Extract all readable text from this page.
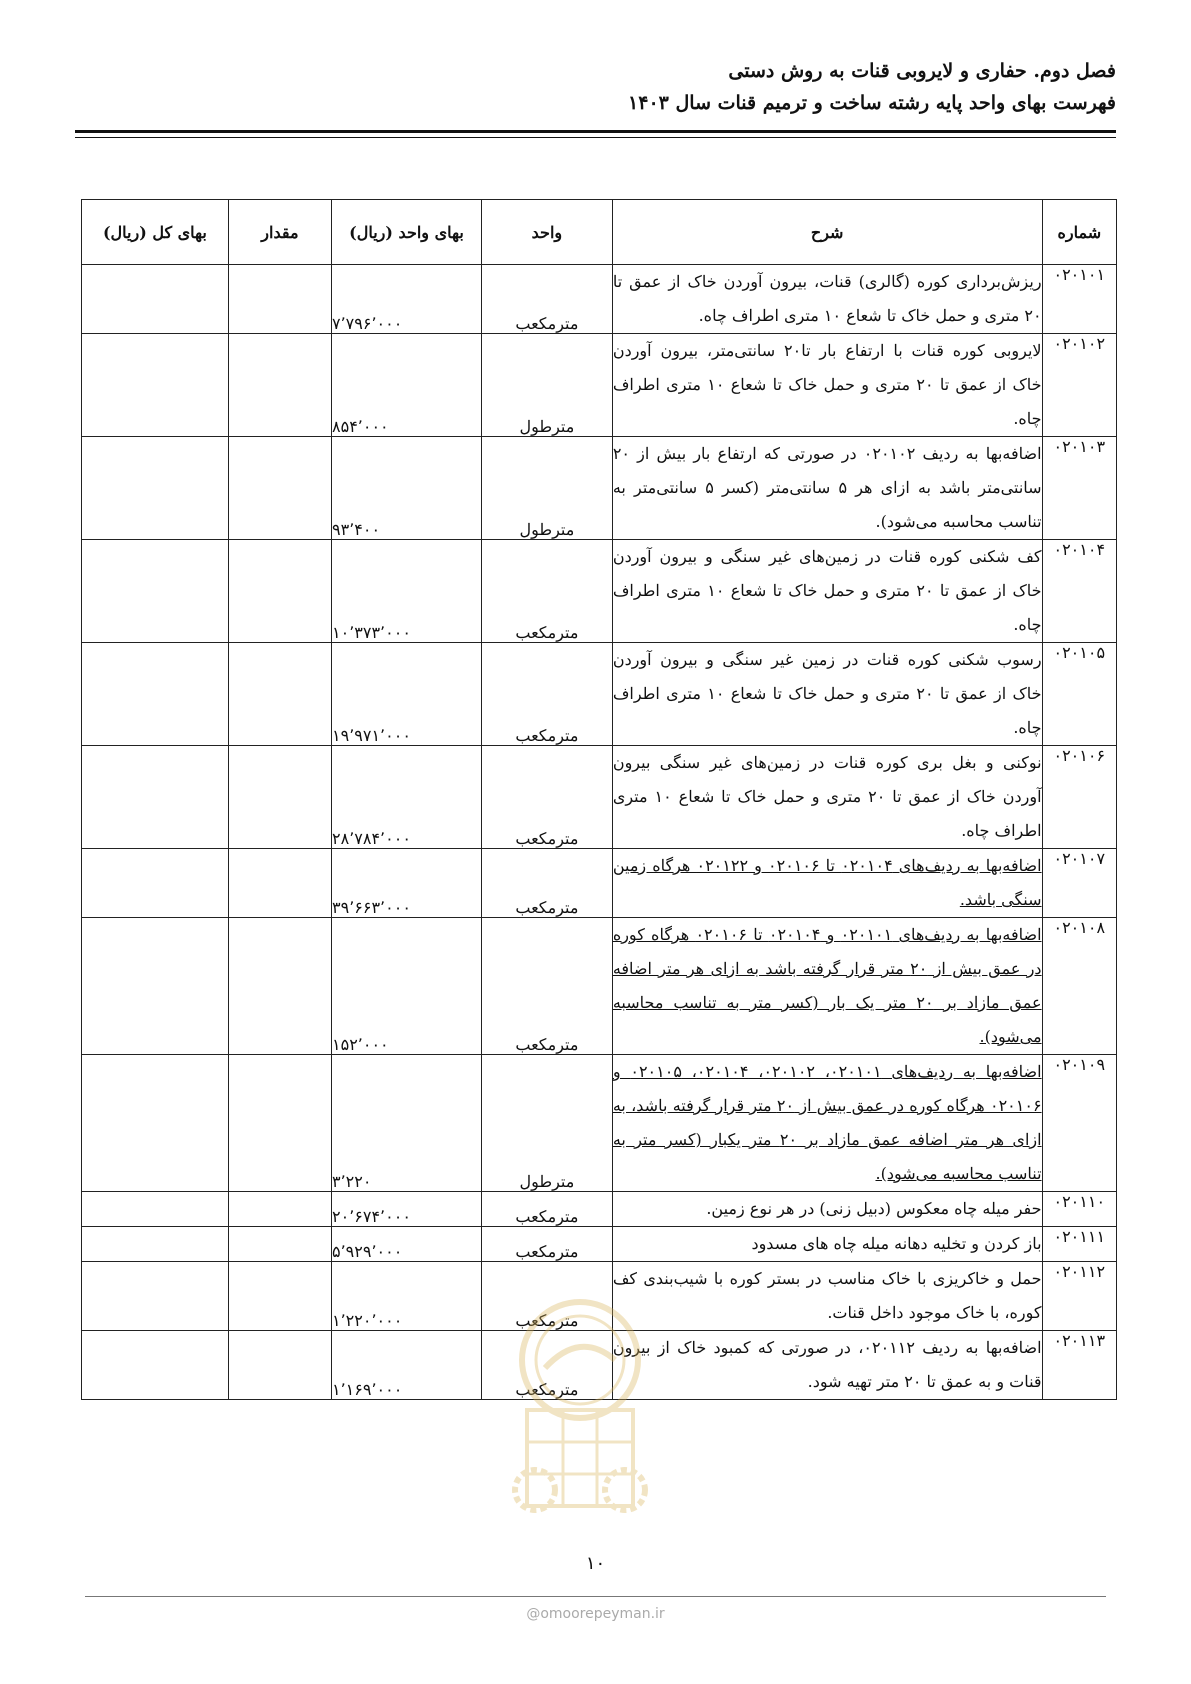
فصل دوم. حفاری و لایروبی قنات به روش دستی
فهرست بهای واحد پایه رشته ساخت و ترمیم قنات سال ۱۴۰۳
شماره	شرح	واحد	بهای واحد (ریال)	مقدار	بهای کل (ریال)
۰۲۰۱۰۱	ریزش‌برداری کوره (گالری) قنات، بیرون آوردن خاک از عمق تا ۲۰ متری و حمل خاک تا شعاع ۱۰ متری اطراف چاه.	مترمکعب	۷٬۷۹۶٬۰۰۰		
۰۲۰۱۰۲	لایروبی کوره قنات با ارتفاع بار تا۲۰ سانتی‌متر، بیرون آوردن خاک از عمق تا ۲۰ متری و حمل خاک تا شعاع ۱۰ متری اطراف چاه.	مترطول	۸۵۴٬۰۰۰		
۰۲۰۱۰۳	اضافه‌بها به ردیف ۰۲۰۱۰۲ در صورتی که ارتفاع بار بیش از ۲۰ سانتی‌متر باشد به ازای هر ۵ سانتی‌متر (کسر ۵ سانتی‌متر به تناسب محاسبه می‌شود).	مترطول	۹۳٬۴۰۰		
۰۲۰۱۰۴	کف شکنی کوره قنات در زمین‌های غیر سنگی و بیرون آوردن خاک از عمق تا ۲۰ متری و حمل خاک تا شعاع ۱۰ متری اطراف چاه.	مترمکعب	۱۰٬۳۷۳٬۰۰۰		
۰۲۰۱۰۵	رسوب شکنی کوره قنات در زمین غیر سنگی و بیرون آوردن خاک از عمق تا ۲۰ متری و حمل خاک تا شعاع ۱۰ متری اطراف چاه.	مترمکعب	۱۹٬۹۷۱٬۰۰۰		
۰۲۰۱۰۶	نوکنی و بغل بری کوره قنات در زمین‌های غیر سنگی بیرون آوردن خاک از عمق تا ۲۰ متری و حمل خاک تا شعاع ۱۰ متری اطراف چاه.	مترمکعب	۲۸٬۷۸۴٬۰۰۰		
۰۲۰۱۰۷	اضافه‌بها به ردیف‌های ۰۲۰۱۰۴ تا ۰۲۰۱۰۶ و ۰۲۰۱۲۲ هرگاه زمین سنگی باشد.	مترمکعب	۳۹٬۶۶۳٬۰۰۰		
۰۲۰۱۰۸	اضافه‌بها به ردیف‌های ۰۲۰۱۰۱ و ۰۲۰۱۰۴ تا ۰۲۰۱۰۶ هرگاه کوره در عمق بیش از ۲۰ متر قرار گرفته باشد به ازای هر متر اضافه عمق مازاد بر ۲۰ متر یک بار (کسر متر به تناسب محاسبه می‌شود).	مترمکعب	۱۵۲٬۰۰۰		
۰۲۰۱۰۹	اضافه‌بها به ردیف‌های ۰۲۰۱۰۱، ۰۲۰۱۰۲، ۰۲۰۱۰۴، ۰۲۰۱۰۵ و ۰۲۰۱۰۶ هرگاه کوره در عمق بیش از ۲۰ متر قرار گرفته باشد، به ازای هر متر اضافه عمق مازاد بر ۲۰ متر یکبار (کسر متر به تناسب محاسبه می‌شود).	مترطول	۳٬۲۲۰		
۰۲۰۱۱۰	حفر میله چاه معکوس (دبیل زنی) در هر نوع زمین.	مترمکعب	۲۰٬۶۷۴٬۰۰۰		
۰۲۰۱۱۱	باز کردن و تخلیه دهانه میله چاه های مسدود	مترمکعب	۵٬۹۲۹٬۰۰۰		
۰۲۰۱۱۲	حمل و خاکریزی با خاک مناسب در بستر کوره با شیب‌بندی کف کوره، با خاک موجود داخل قنات.	مترمکعب	۱٬۲۲۰٬۰۰۰		
۰۲۰۱۱۳	اضافه‌بها به ردیف ۰۲۰۱۱۲، در صورتی که کمبود خاک از بیرون قنات و به عمق تا ۲۰ متر تهیه شود.	مترمکعب	۱٬۱۶۹٬۰۰۰		
۱۰
@omoorepeyman.ir
